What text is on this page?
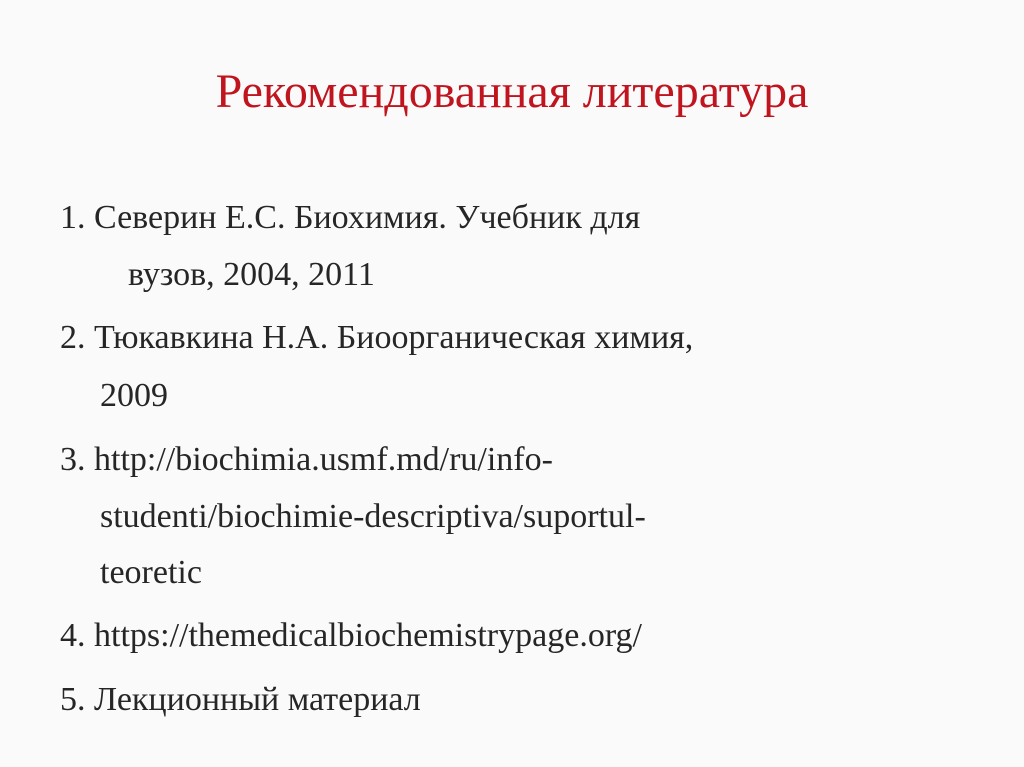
Рекомендованная литература
1. Северин Е.С. Биохимия. Учебник для
вузов, 2004, 2011
2. Тюкавкина Н.А. Биоорганическая химия,
2009
3. http://biochimia.usmf.md/ru/info-
studenti/biochimie-descriptiva/suportul-
teoretic
4. https://themedicalbiochemistrypage.org/
5. Лекционный материал
